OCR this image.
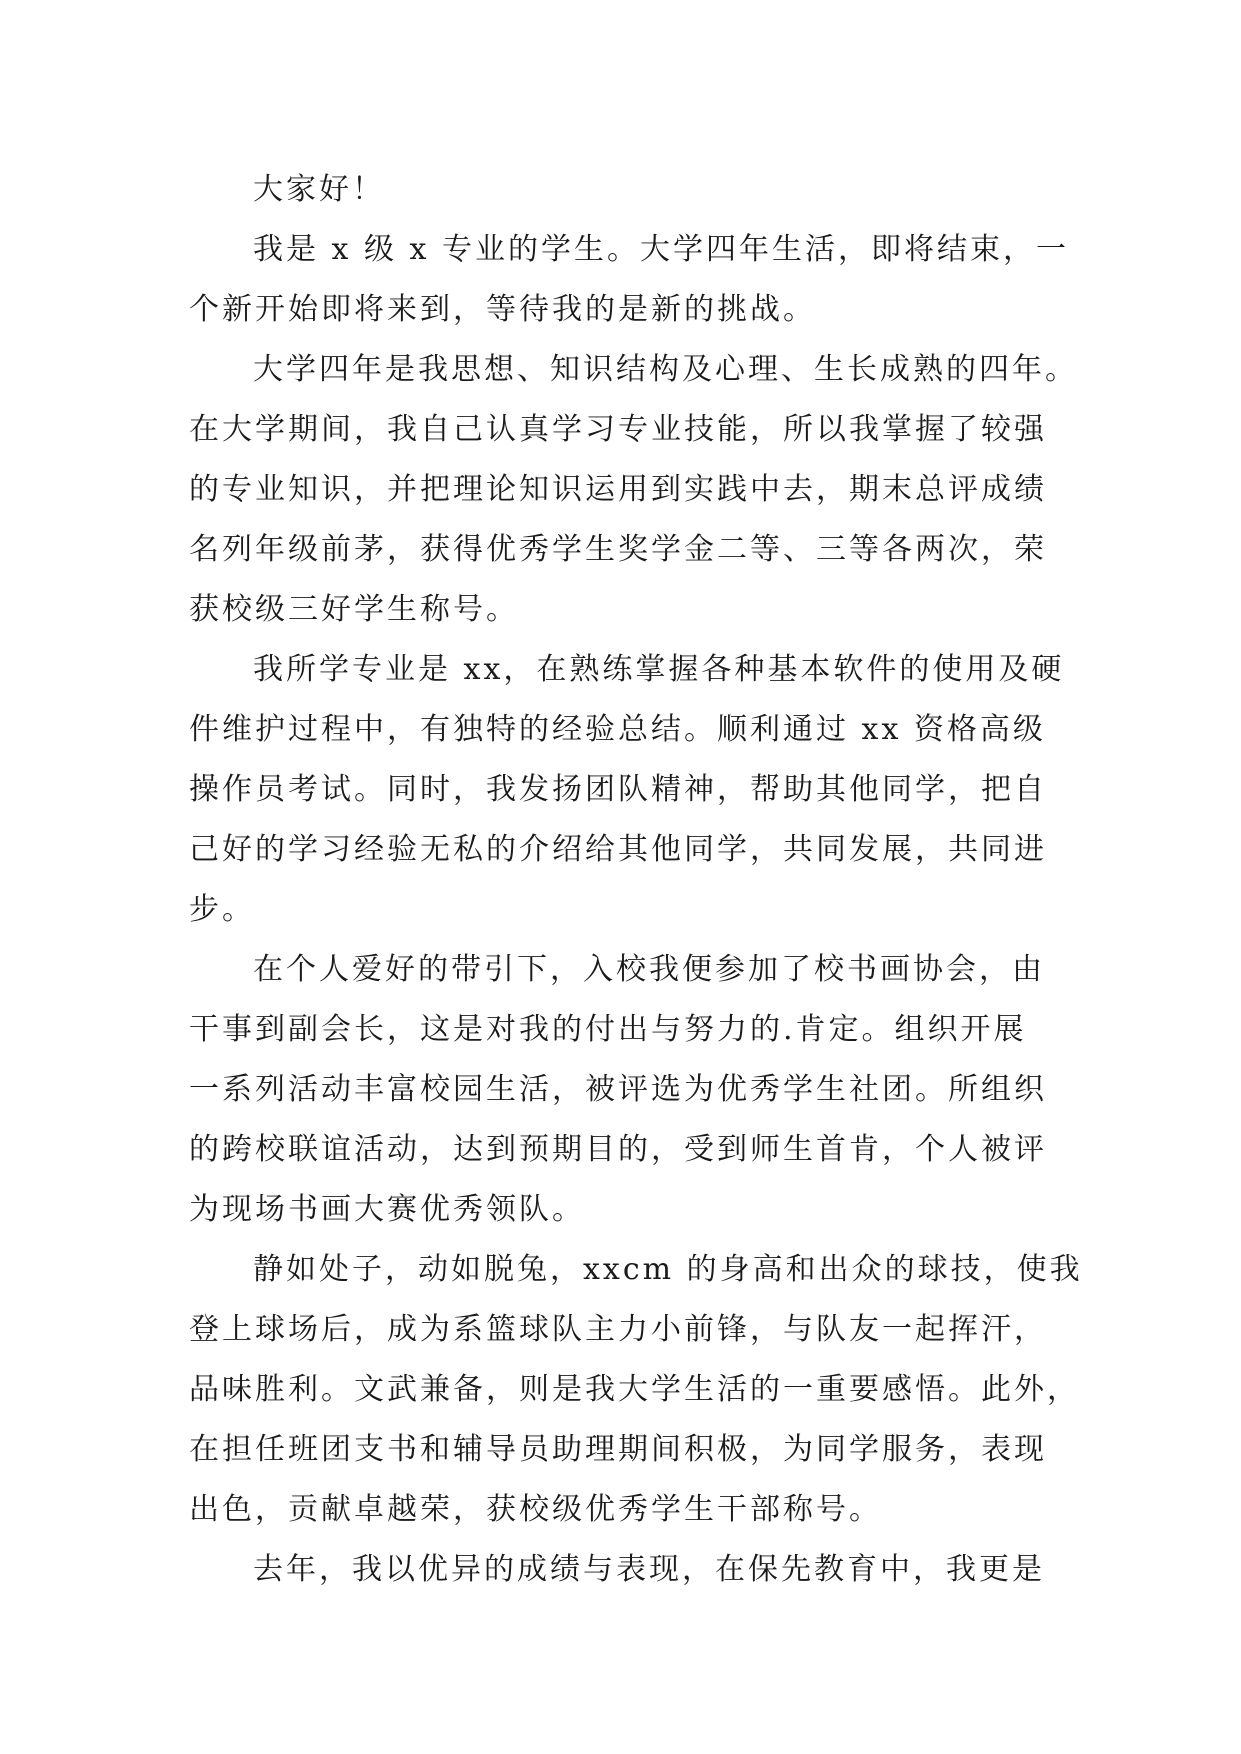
大家好！
我是 x 级 x 专业的学生。大学四年生活，即将结束，一
个新开始即将来到，等待我的是新的挑战。
大学四年是我思想、知识结构及心理、生长成熟的四年。
在大学期间，我自己认真学习专业技能，所以我掌握了较强
的专业知识，并把理论知识运用到实践中去，期末总评成绩
名列年级前茅，获得优秀学生奖学金二等、三等各两次，荣
获校级三好学生称号。
我所学专业是 xx，在熟练掌握各种基本软件的使用及硬
件维护过程中，有独特的经验总结。顺利通过 xx 资格高级
操作员考试。同时，我发扬团队精神，帮助其他同学，把自
己好的学习经验无私的介绍给其他同学，共同发展，共同进
步。
在个人爱好的带引下，入校我便参加了校书画协会，由
干事到副会长，这是对我的付出与努力的.肯定。组织开展
一系列活动丰富校园生活，被评选为优秀学生社团。所组织
的跨校联谊活动，达到预期目的，受到师生首肯，个人被评
为现场书画大赛优秀领队。
静如处子，动如脱兔，xxcm 的身高和出众的球技，使我
登上球场后，成为系篮球队主力小前锋，与队友一起挥汗，
品味胜利。文武兼备，则是我大学生活的一重要感悟。此外，
在担任班团支书和辅导员助理期间积极，为同学服务，表现
出色，贡献卓越荣，获校级优秀学生干部称号。
去年，我以优异的成绩与表现，在保先教育中，我更是
